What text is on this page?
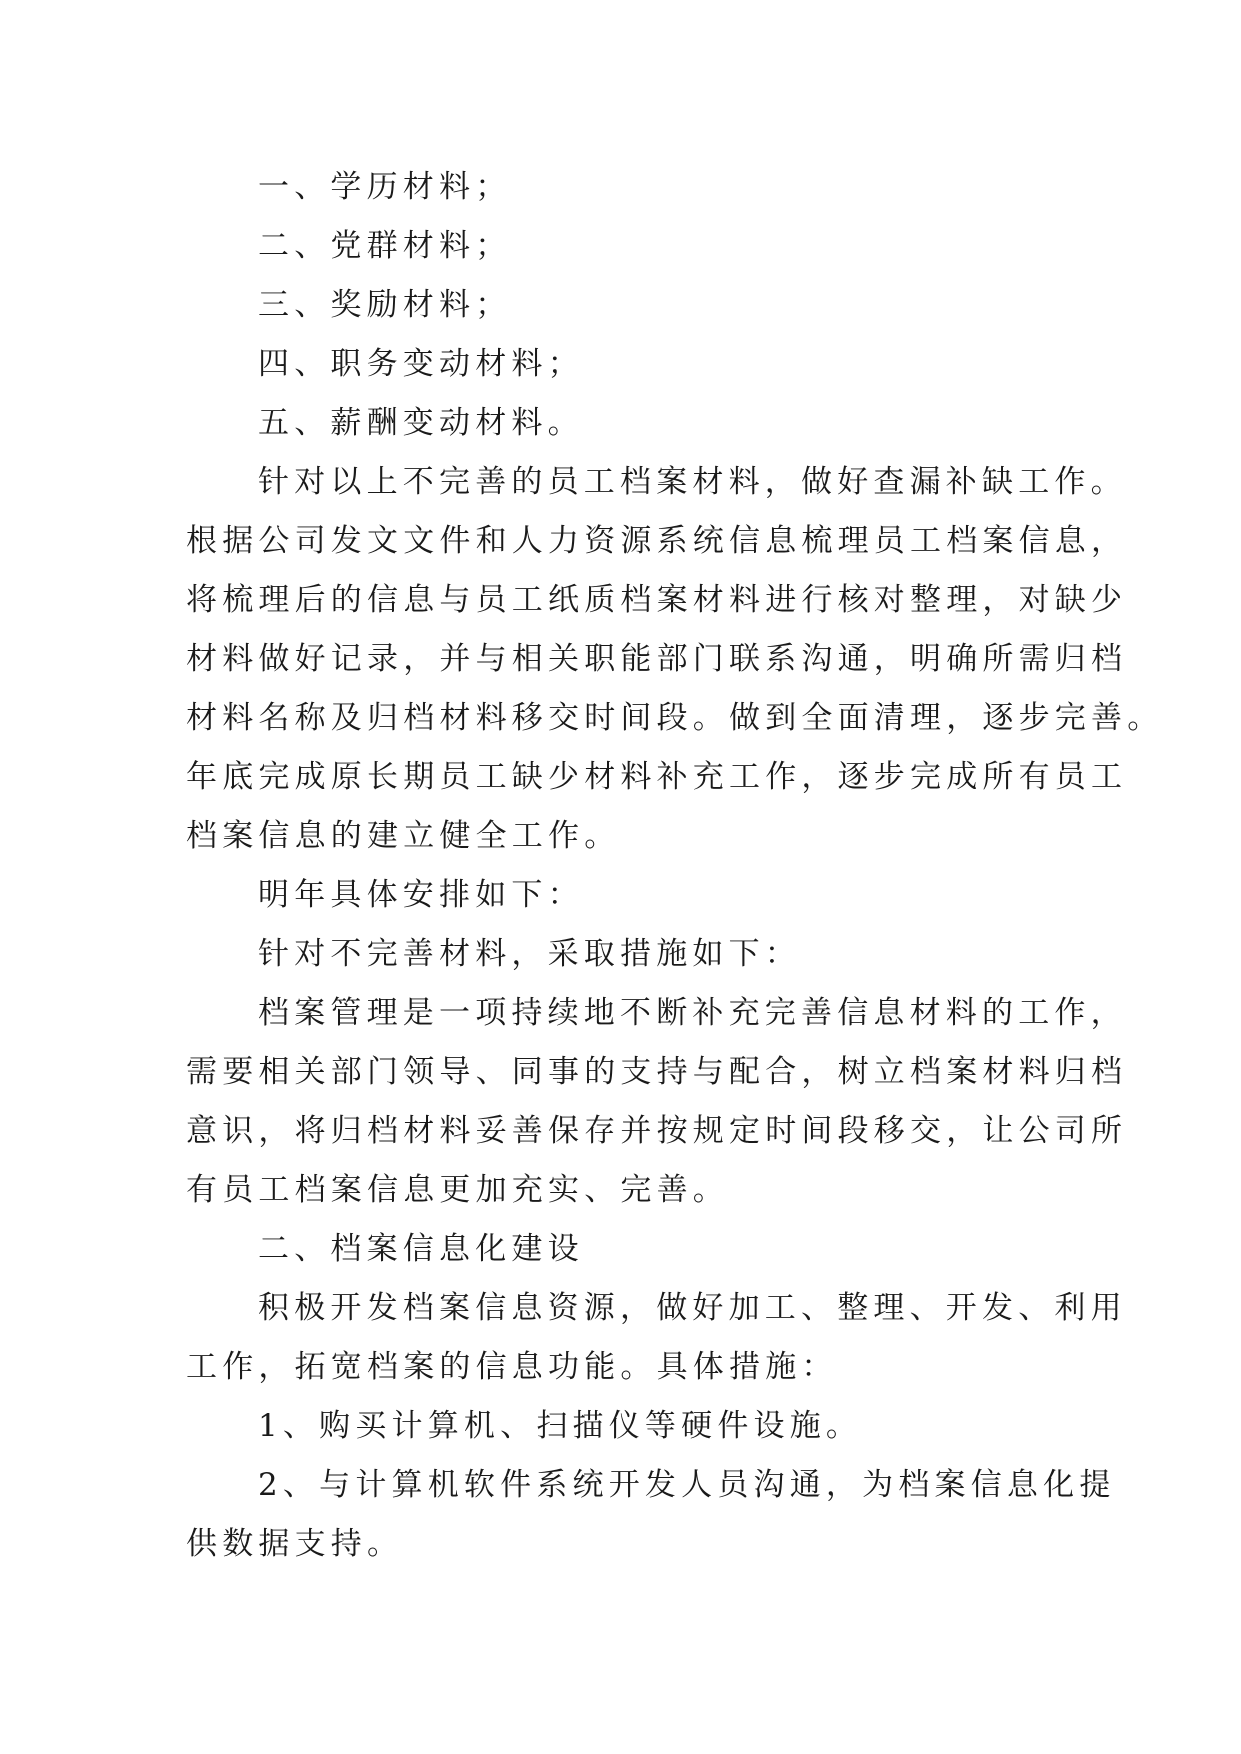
一、学历材料；
二、党群材料；
三、奖励材料；
四、职务变动材料；
五、薪酬变动材料。
针对以上不完善的员工档案材料，做好查漏补缺工作。
根据公司发文文件和人力资源系统信息梳理员工档案信息，
将梳理后的信息与员工纸质档案材料进行核对整理，对缺少
材料做好记录，并与相关职能部门联系沟通，明确所需归档
材料名称及归档材料移交时间段。做到全面清理，逐步完善。
年底完成原长期员工缺少材料补充工作，逐步完成所有员工
档案信息的建立健全工作。
明年具体安排如下：
针对不完善材料，采取措施如下：
档案管理是一项持续地不断补充完善信息材料的工作，
需要相关部门领导、同事的支持与配合，树立档案材料归档
意识，将归档材料妥善保存并按规定时间段移交，让公司所
有员工档案信息更加充实、完善。
二、档案信息化建设
积极开发档案信息资源，做好加工、整理、开发、利用
工作，拓宽档案的信息功能。具体措施：
1、购买计算机、扫描仪等硬件设施。
2、与计算机软件系统开发人员沟通，为档案信息化提
供数据支持。
